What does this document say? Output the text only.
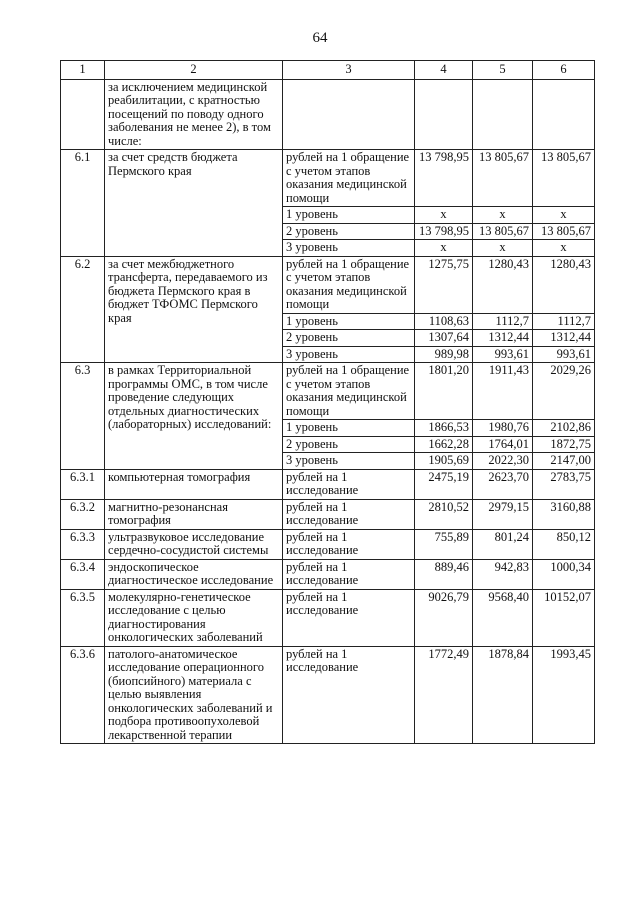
64
1	2	3	4	5	6
	за исключением медицинской реабилитации, с кратностью посещений по поводу одного заболевания не менее 2), в том числе:				
6.1	за счет средств бюджета Пермского края	рублей на 1 обращение с учетом этапов оказания медицинской помощи	13 798,95	13 805,67	13 805,67
		1 уровень	x	x	x
		2 уровень	13 798,95	13 805,67	13 805,67
		3 уровень	x	x	x
6.2	за счет межбюджетного трансферта, передаваемого из бюджета Пермского края в бюджет ТФОМС Пермского края	рублей на 1 обращение с учетом этапов оказания медицинской помощи	1275,75	1280,43	1280,43
		1 уровень	1108,63	1112,7	1112,7
		2 уровень	1307,64	1312,44	1312,44
		3 уровень	989,98	993,61	993,61
6.3	в рамках Территориальной программы ОМС, в том числе проведение следующих отдельных диагностических (лабораторных) исследований:	рублей на 1 обращение с учетом этапов оказания медицинской помощи	1801,20	1911,43	2029,26
		1 уровень	1866,53	1980,76	2102,86
		2 уровень	1662,28	1764,01	1872,75
		3 уровень	1905,69	2022,30	2147,00
6.3.1	компьютерная томография	рублей на 1 исследование	2475,19	2623,70	2783,75
6.3.2	магнитно-резонансная томография	рублей на 1 исследование	2810,52	2979,15	3160,88
6.3.3	ультразвуковое исследование сердечно-сосудистой системы	рублей на 1 исследование	755,89	801,24	850,12
6.3.4	эндоскопическое диагностическое исследование	рублей на 1 исследование	889,46	942,83	1000,34
6.3.5	молекулярно-генетическое исследование с целью диагностирования онкологических заболеваний	рублей на 1 исследование	9026,79	9568,40	10152,07
6.3.6	патолого-анатомическое исследование операционного (биопсийного) материала с целью выявления онкологических заболеваний и подбора противоопухолевой лекарственной терапии	рублей на 1 исследование	1772,49	1878,84	1993,45
